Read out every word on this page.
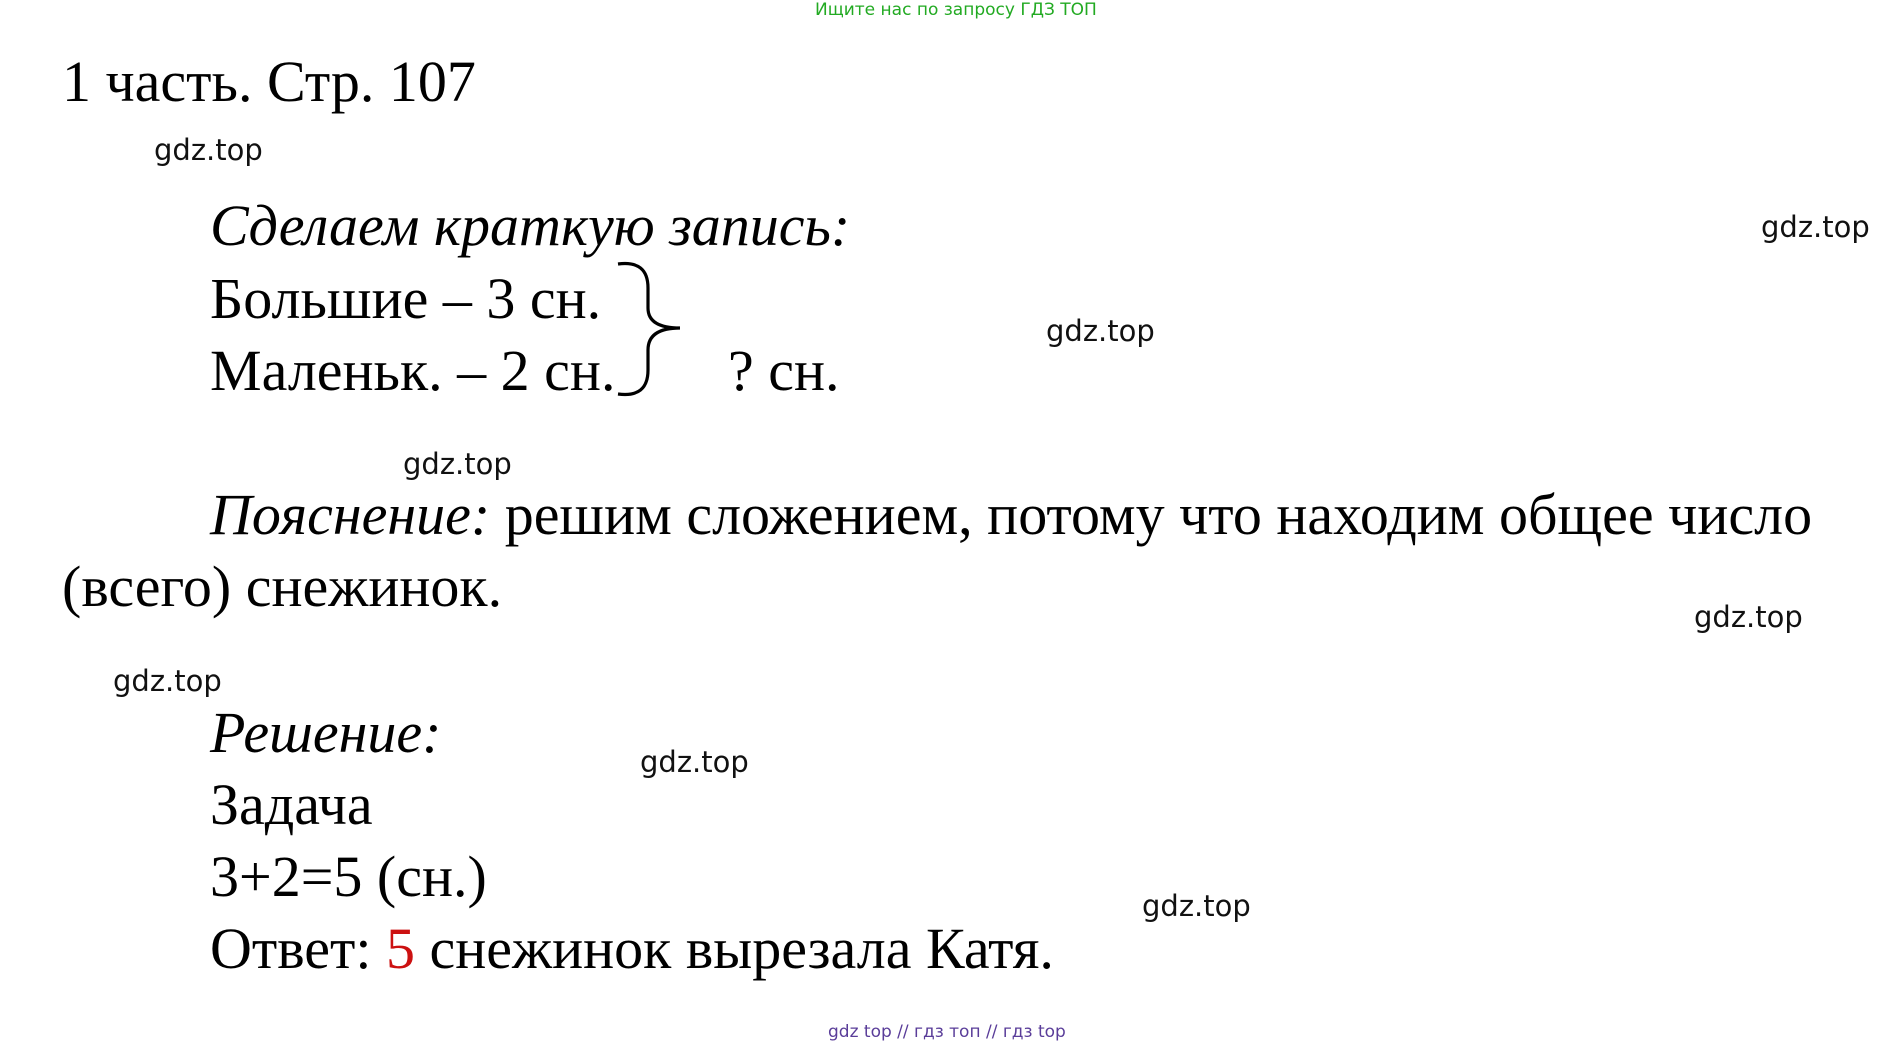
Ищите нас по запросу ГДЗ ТОП
1 часть. Стр. 107
gdz.top
gdz.top
gdz.top
gdz.top
gdz.top
gdz.top
gdz.top
gdz.top
Сделаем краткую запись:
Большие – 3 сн.
Маленьк. – 2 сн. ? сн.
Пояснение: решим сложением, потому что находим общее число
(всего) снежинок.
Решение:
Задача
3+2=5 (сн.)
Ответ: 5 снежинок вырезала Катя.
gdz top // гдз топ // гдз top
